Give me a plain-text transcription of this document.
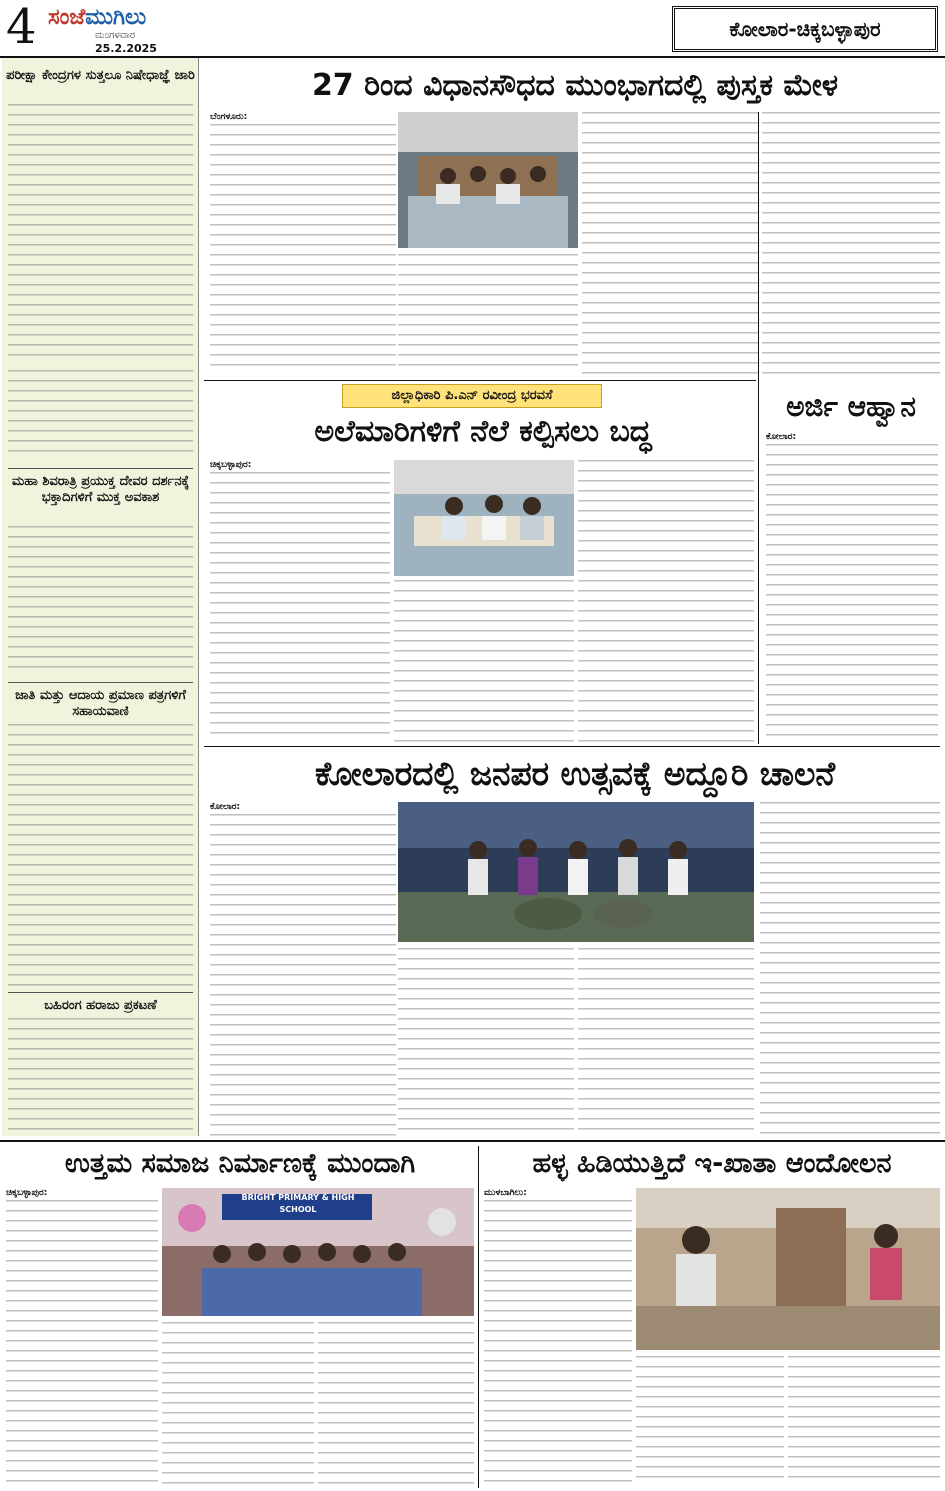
4 ಸಂಜೆಮುಗಿಲು
ಮಂಗಳವಾರ
25.2.2025
ಕೋಲಾರ-ಚಿಕ್ಕಬಳ್ಳಾಪುರ
ಪರೀಕ್ಷಾ ಕೇಂದ್ರಗಳ ಸುತ್ತಲೂ ನಿಷೇಧಾಜ್ಞೆ ಜಾರಿ
ಮಹಾ ಶಿವರಾತ್ರಿ ಪ್ರಯುಕ್ತ ದೇವರ ದರ್ಶನಕ್ಕೆ ಭಕ್ತಾದಿಗಳಿಗೆ ಮುಕ್ತ ಅವಕಾಶ
ಜಾತಿ ಮತ್ತು ಆದಾಯ ಪ್ರಮಾಣ ಪತ್ರಗಳಿಗೆ ಸಹಾಯವಾಣಿ
ಬಹಿರಂಗ ಹರಾಜು ಪ್ರಕಟಣೆ
27 ರಿಂದ ವಿಧಾನಸೌಧದ ಮುಂಭಾಗದಲ್ಲಿ ಪುಸ್ತಕ ಮೇಳ
ಬೆಂಗಳೂರು:
ಜಿಲ್ಲಾಧಿಕಾರಿ ಪಿ.ಎನ್ ರವೀಂದ್ರ ಭರವಸೆ
ಅಲೆಮಾರಿಗಳಿಗೆ ನೆಲೆ ಕಲ್ಪಿಸಲು ಬದ್ಧ
ಚಿಕ್ಕಬಳ್ಳಾಪುರ:
ಅರ್ಜಿ ಆಹ್ವಾನ
ಕೋಲಾರ:
ಕೋಲಾರದಲ್ಲಿ ಜನಪರ ಉತ್ಸವಕ್ಕೆ ಅದ್ದೂರಿ ಚಾಲನೆ
ಕೋಲಾರ:
ಉತ್ತಮ ಸಮಾಜ ನಿರ್ಮಾಣಕ್ಕೆ ಮುಂದಾಗಿ
ಚಿಕ್ಕಬಳ್ಳಾಪುರ:	BRIGHT PRIMARY & HIGH SCHOOL
ಹಳ್ಳ ಹಿಡಿಯುತ್ತಿದೆ ಇ-ಖಾತಾ ಆಂದೋಲನ
ಮುಳಬಾಗಿಲು:
